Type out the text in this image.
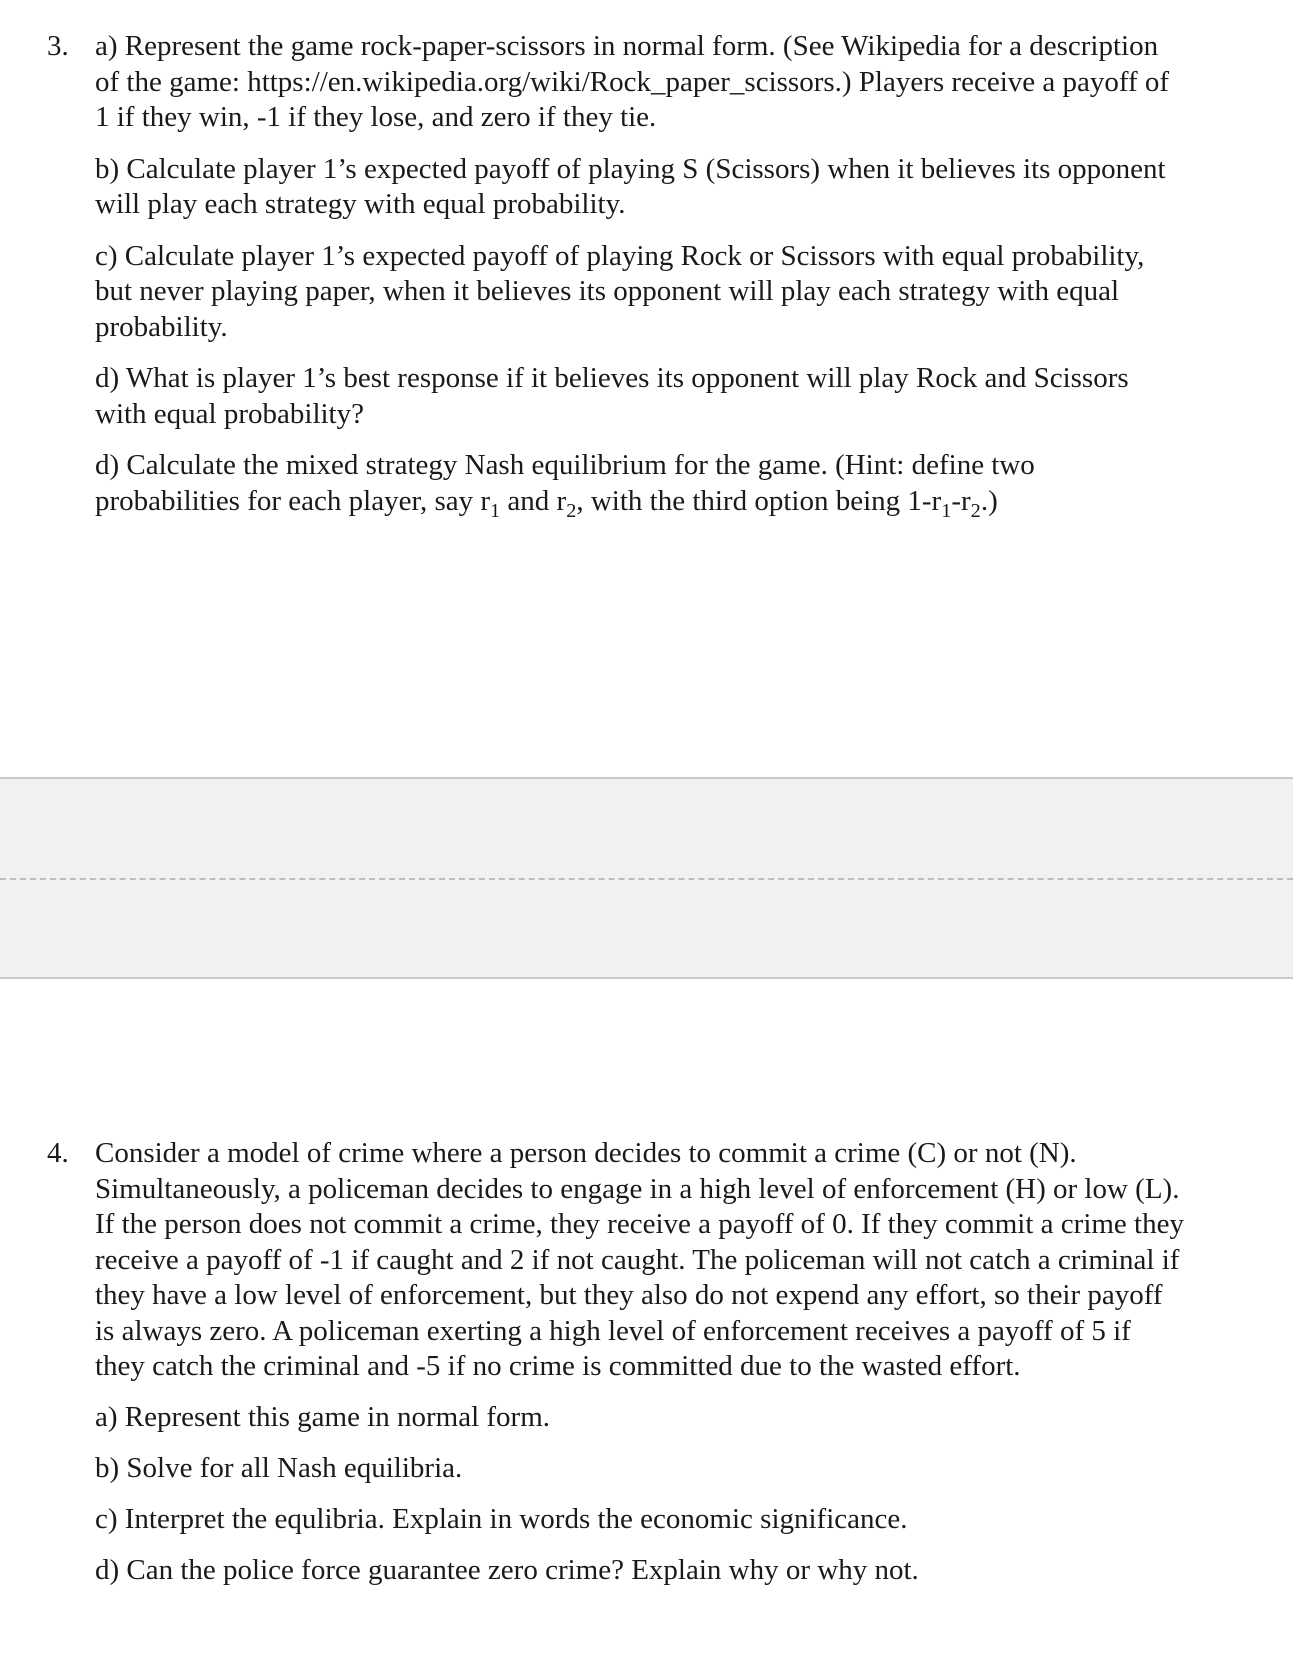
3. a) Represent the game rock-paper-scissors in normal form. (See Wikipedia for a description of the game: https://en.wikipedia.org/wiki/Rock_paper_scissors.) Players receive a payoff of 1 if they win, -1 if they lose, and zero if they tie.

b) Calculate player 1’s expected payoff of playing S (Scissors) when it believes its opponent will play each strategy with equal probability.

c) Calculate player 1’s expected payoff of playing Rock or Scissors with equal probability, but never playing paper, when it believes its opponent will play each strategy with equal probability.

d) What is player 1’s best response if it believes its opponent will play Rock and Scissors with equal probability?

d) Calculate the mixed strategy Nash equilibrium for the game. (Hint: define two probabilities for each player, say $r_1$ and $r_2$, with the third option being $1-r_1-r_2$.)

4. Consider a model of crime where a person decides to commit a crime (C) or not (N). Simultaneously, a policeman decides to engage in a high level of enforcement (H) or low (L). If the person does not commit a crime, they receive a payoff of 0. If they commit a crime they receive a payoff of -1 if caught and 2 if not caught. The policeman will not catch a criminal if they have a low level of enforcement, but they also do not expend any effort, so their payoff is always zero. A policeman exerting a high level of enforcement receives a payoff of 5 if they catch the criminal and -5 if no crime is committed due to the wasted effort.

a) Represent this game in normal form.

b) Solve for all Nash equilibria.

c) Interpret the equlibria. Explain in words the economic significance.

d) Can the police force guarantee zero crime? Explain why or why not.
